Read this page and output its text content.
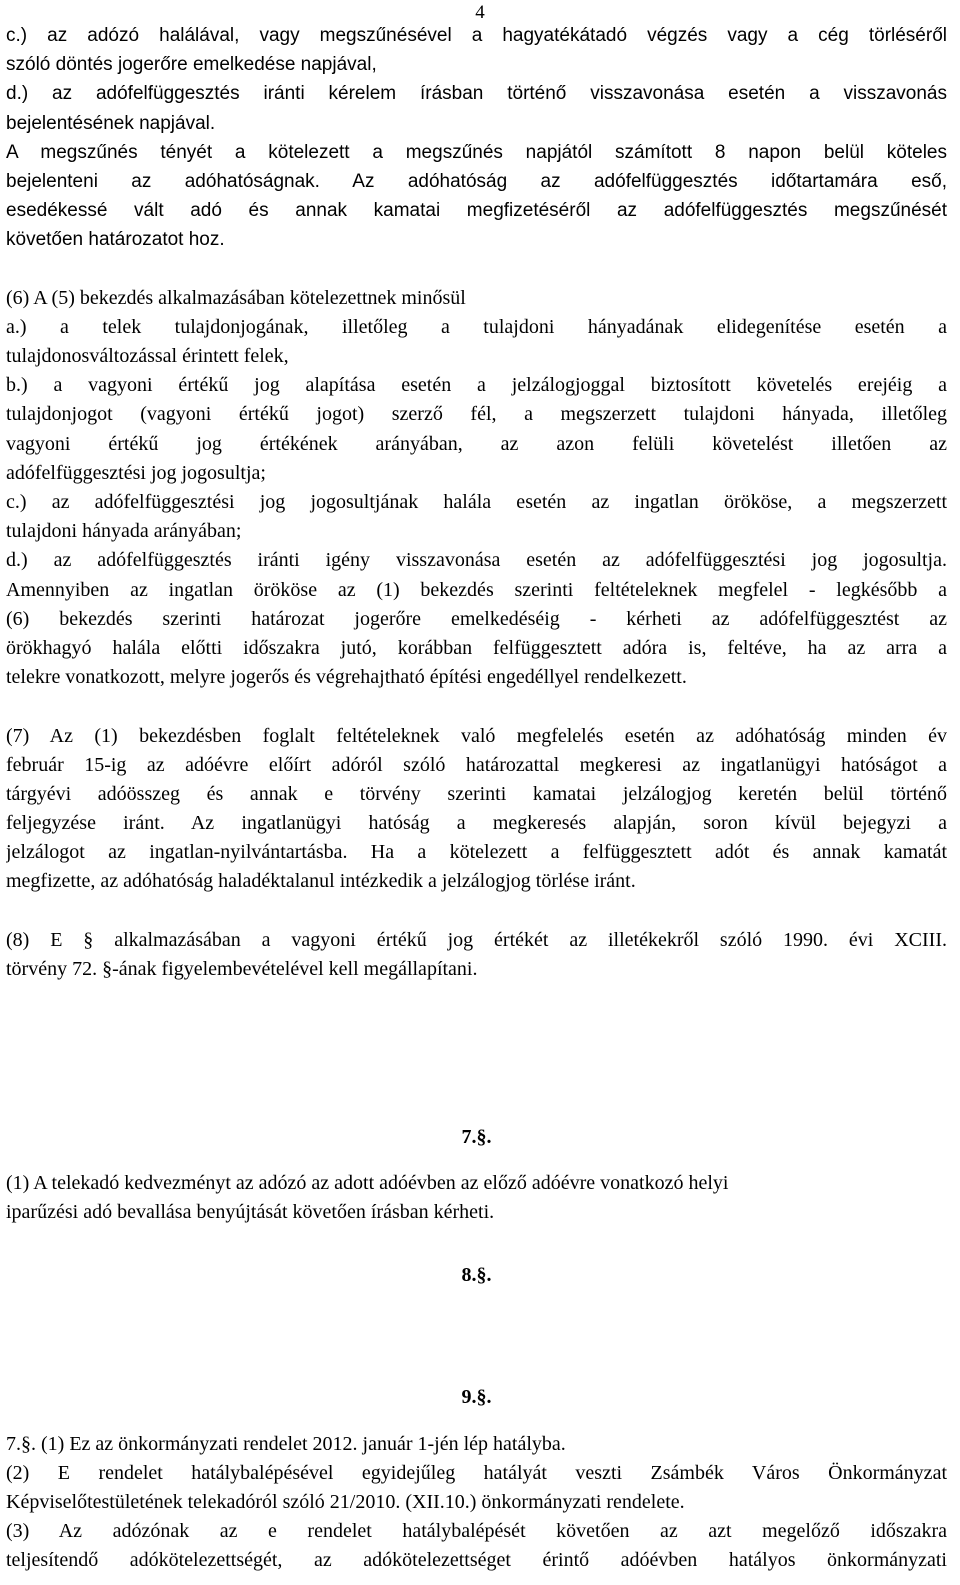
4
c.) az adózó halálával, vagy megszűnésével a hagyatékátadó végzés vagy a cég törléséről
szóló döntés jogerőre emelkedése napjával,
d.) az adófelfüggesztés iránti kérelem írásban történő visszavonása esetén a visszavonás
bejelentésének napjával.
A megszűnés tényét a kötelezett a megszűnés napjától számított 8 napon belül köteles
bejelenteni az adóhatóságnak. Az adóhatóság az adófelfüggesztés időtartamára eső,
esedékessé vált adó és annak kamatai megfizetéséről az adófelfüggesztés megszűnését
követően határozatot hoz.
(6) A (5) bekezdés alkalmazásában kötelezettnek minősül
a.) a telek tulajdonjogának, illetőleg a tulajdoni hányadának elidegenítése esetén a
tulajdonosváltozással érintett felek,
b.) a vagyoni értékű jog alapítása esetén a jelzálogjoggal biztosított követelés erejéig a
tulajdonjogot (vagyoni értékű jogot) szerző fél, a megszerzett tulajdoni hányada, illetőleg
vagyoni értékű jog értékének arányában, az azon felüli követelést illetően az
adófelfüggesztési jog jogosultja;
c.) az adófelfüggesztési jog jogosultjának halála esetén az ingatlan örököse, a megszerzett
tulajdoni hányada arányában;
d.) az adófelfüggesztés iránti igény visszavonása esetén az adófelfüggesztési jog jogosultja.
Amennyiben az ingatlan örököse az (1) bekezdés szerinti feltételeknek megfelel - legkésőbb a
(6) bekezdés szerinti határozat jogerőre emelkedéséig - kérheti az adófelfüggesztést az
örökhagyó halála előtti időszakra jutó, korábban felfüggesztett adóra is, feltéve, ha az arra a
telekre vonatkozott, melyre jogerős és végrehajtható építési engedéllyel rendelkezett.
(7) Az (1) bekezdésben foglalt feltételeknek való megfelelés esetén az adóhatóság minden év
február 15-ig az adóévre előírt adóról szóló határozattal megkeresi az ingatlanügyi hatóságot a
tárgyévi adóösszeg és annak e törvény szerinti kamatai jelzálogjog keretén belül történő
feljegyzése iránt. Az ingatlanügyi hatóság a megkeresés alapján, soron kívül bejegyzi a
jelzálogot az ingatlan-nyilvántartásba. Ha a kötelezett a felfüggesztett adót és annak kamatát
megfizette, az adóhatóság haladéktalanul intézkedik a jelzálogjog törlése iránt.
(8) E § alkalmazásában a vagyoni értékű jog értékét az illetékekről szóló 1990. évi XCIII.
törvény 72. §-ának figyelembevételével kell megállapítani.
7.§.
(1) A telekadó kedvezményt az adózó az adott adóévben az előző adóévre vonatkozó helyi
iparűzési adó bevallása benyújtását követően írásban kérheti.
8.§.
9.§.
7.§. (1) Ez az önkormányzati rendelet 2012. január 1-jén lép hatályba.
(2) E rendelet hatálybalépésével egyidejűleg hatályát veszti Zsámbék Város Önkormányzat
Képviselőtestületének telekadóról szóló 21/2010. (XII.10.) önkormányzati rendelete.
(3) Az adózónak az e rendelet hatálybalépését követően az azt megelőző időszakra
teljesítendő adókötelezettségét, az adókötelezettséget érintő adóévben hatályos önkormányzati
